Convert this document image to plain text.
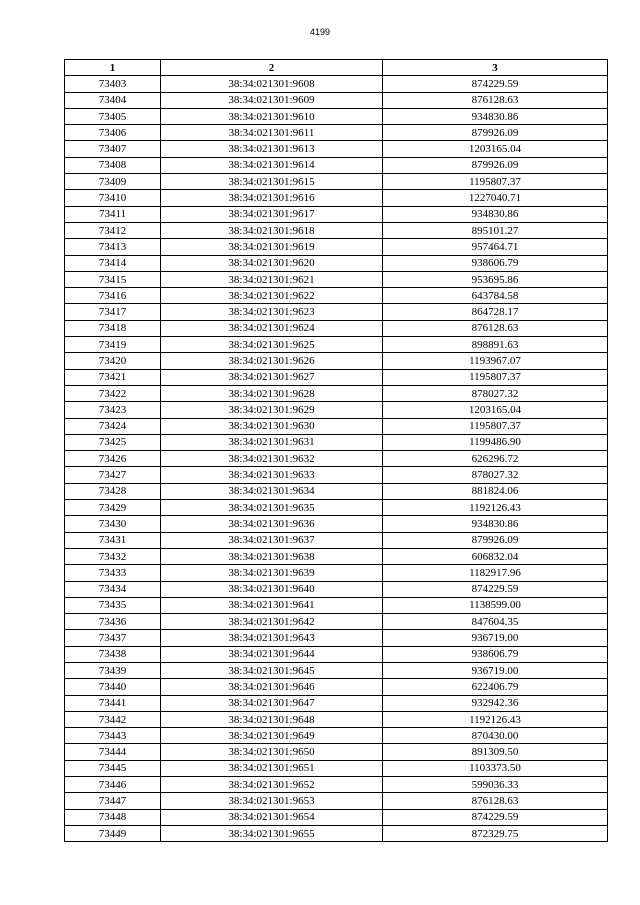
4199
1	2	3
73403	38:34:021301:9608	874229.59
73404	38:34:021301:9609	876128.63
73405	38:34:021301:9610	934830.86
73406	38:34:021301:9611	879926.09
73407	38:34:021301:9613	1203165.04
73408	38:34:021301:9614	879926.09
73409	38:34:021301:9615	1195807.37
73410	38:34:021301:9616	1227040.71
73411	38:34:021301:9617	934830.86
73412	38:34:021301:9618	895101.27
73413	38:34:021301:9619	957464.71
73414	38:34:021301:9620	938606.79
73415	38:34:021301:9621	953695.86
73416	38:34:021301:9622	643784.58
73417	38:34:021301:9623	864728.17
73418	38:34:021301:9624	876128.63
73419	38:34:021301:9625	898891.63
73420	38:34:021301:9626	1193967.07
73421	38:34:021301:9627	1195807.37
73422	38:34:021301:9628	878027.32
73423	38:34:021301:9629	1203165.04
73424	38:34:021301:9630	1195807.37
73425	38:34:021301:9631	1199486.90
73426	38:34:021301:9632	626296.72
73427	38:34:021301:9633	878027.32
73428	38:34:021301:9634	881824.06
73429	38:34:021301:9635	1192126.43
73430	38:34:021301:9636	934830.86
73431	38:34:021301:9637	879926.09
73432	38:34:021301:9638	606832.04
73433	38:34:021301:9639	1182917.96
73434	38:34:021301:9640	874229.59
73435	38:34:021301:9641	1138599.00
73436	38:34:021301:9642	847604.35
73437	38:34:021301:9643	936719.00
73438	38:34:021301:9644	938606.79
73439	38:34:021301:9645	936719.00
73440	38:34:021301:9646	622406.79
73441	38:34:021301:9647	932942.36
73442	38:34:021301:9648	1192126.43
73443	38:34:021301:9649	870430.00
73444	38:34:021301:9650	891309.50
73445	38:34:021301:9651	1103373.50
73446	38:34:021301:9652	599036.33
73447	38:34:021301:9653	876128.63
73448	38:34:021301:9654	874229.59
73449	38:34:021301:9655	872329.75
